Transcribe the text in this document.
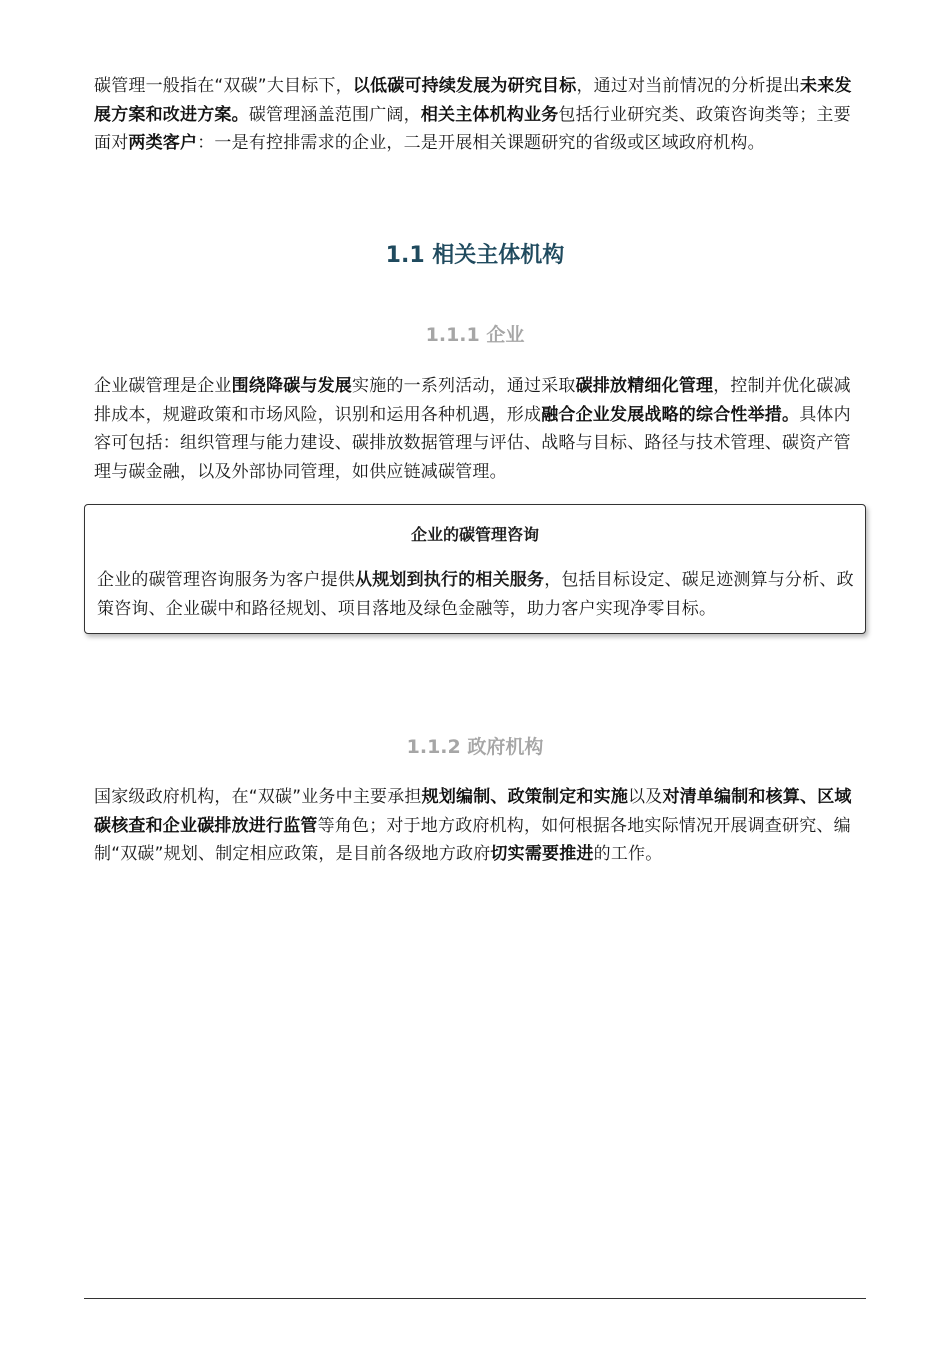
碳管理一般指在“双碳”大目标下，以低碳可持续发展为研究目标，通过对当前情况的分析提出未来发展方案和改进方案。碳管理涵盖范围广阔，相关主体机构业务包括行业研究类、政策咨询类等；主要面对两类客户：一是有控排需求的企业，二是开展相关课题研究的省级或区域政府机构。

1.1 相关主体机构
1.1.1 企业

企业碳管理是企业围绕降碳与发展实施的一系列活动，通过采取碳排放精细化管理，控制并优化碳减排成本，规避政策和市场风险，识别和运用各种机遇，形成融合企业发展战略的综合性举措。具体内容可包括：组织管理与能力建设、碳排放数据管理与评估、战略与目标、路径与技术管理、碳资产管理与碳金融，以及外部协同管理，如供应链减碳管理。

企业的碳管理咨询

企业的碳管理咨询服务为客户提供从规划到执行的相关服务，包括目标设定、碳足迹测算与分析、政策咨询、企业碳中和路径规划、项目落地及绿色金融等，助力客户实现净零目标。

1.1.2 政府机构

国家级政府机构，在“双碳”业务中主要承担规划编制、政策制定和实施以及对清单编制和核算、区域碳核查和企业碳排放进行监管等角色；对于地方政府机构，如何根据各地实际情况开展调查研究、编制“双碳”规划、制定相应政策，是目前各级地方政府切实需要推进的工作。
